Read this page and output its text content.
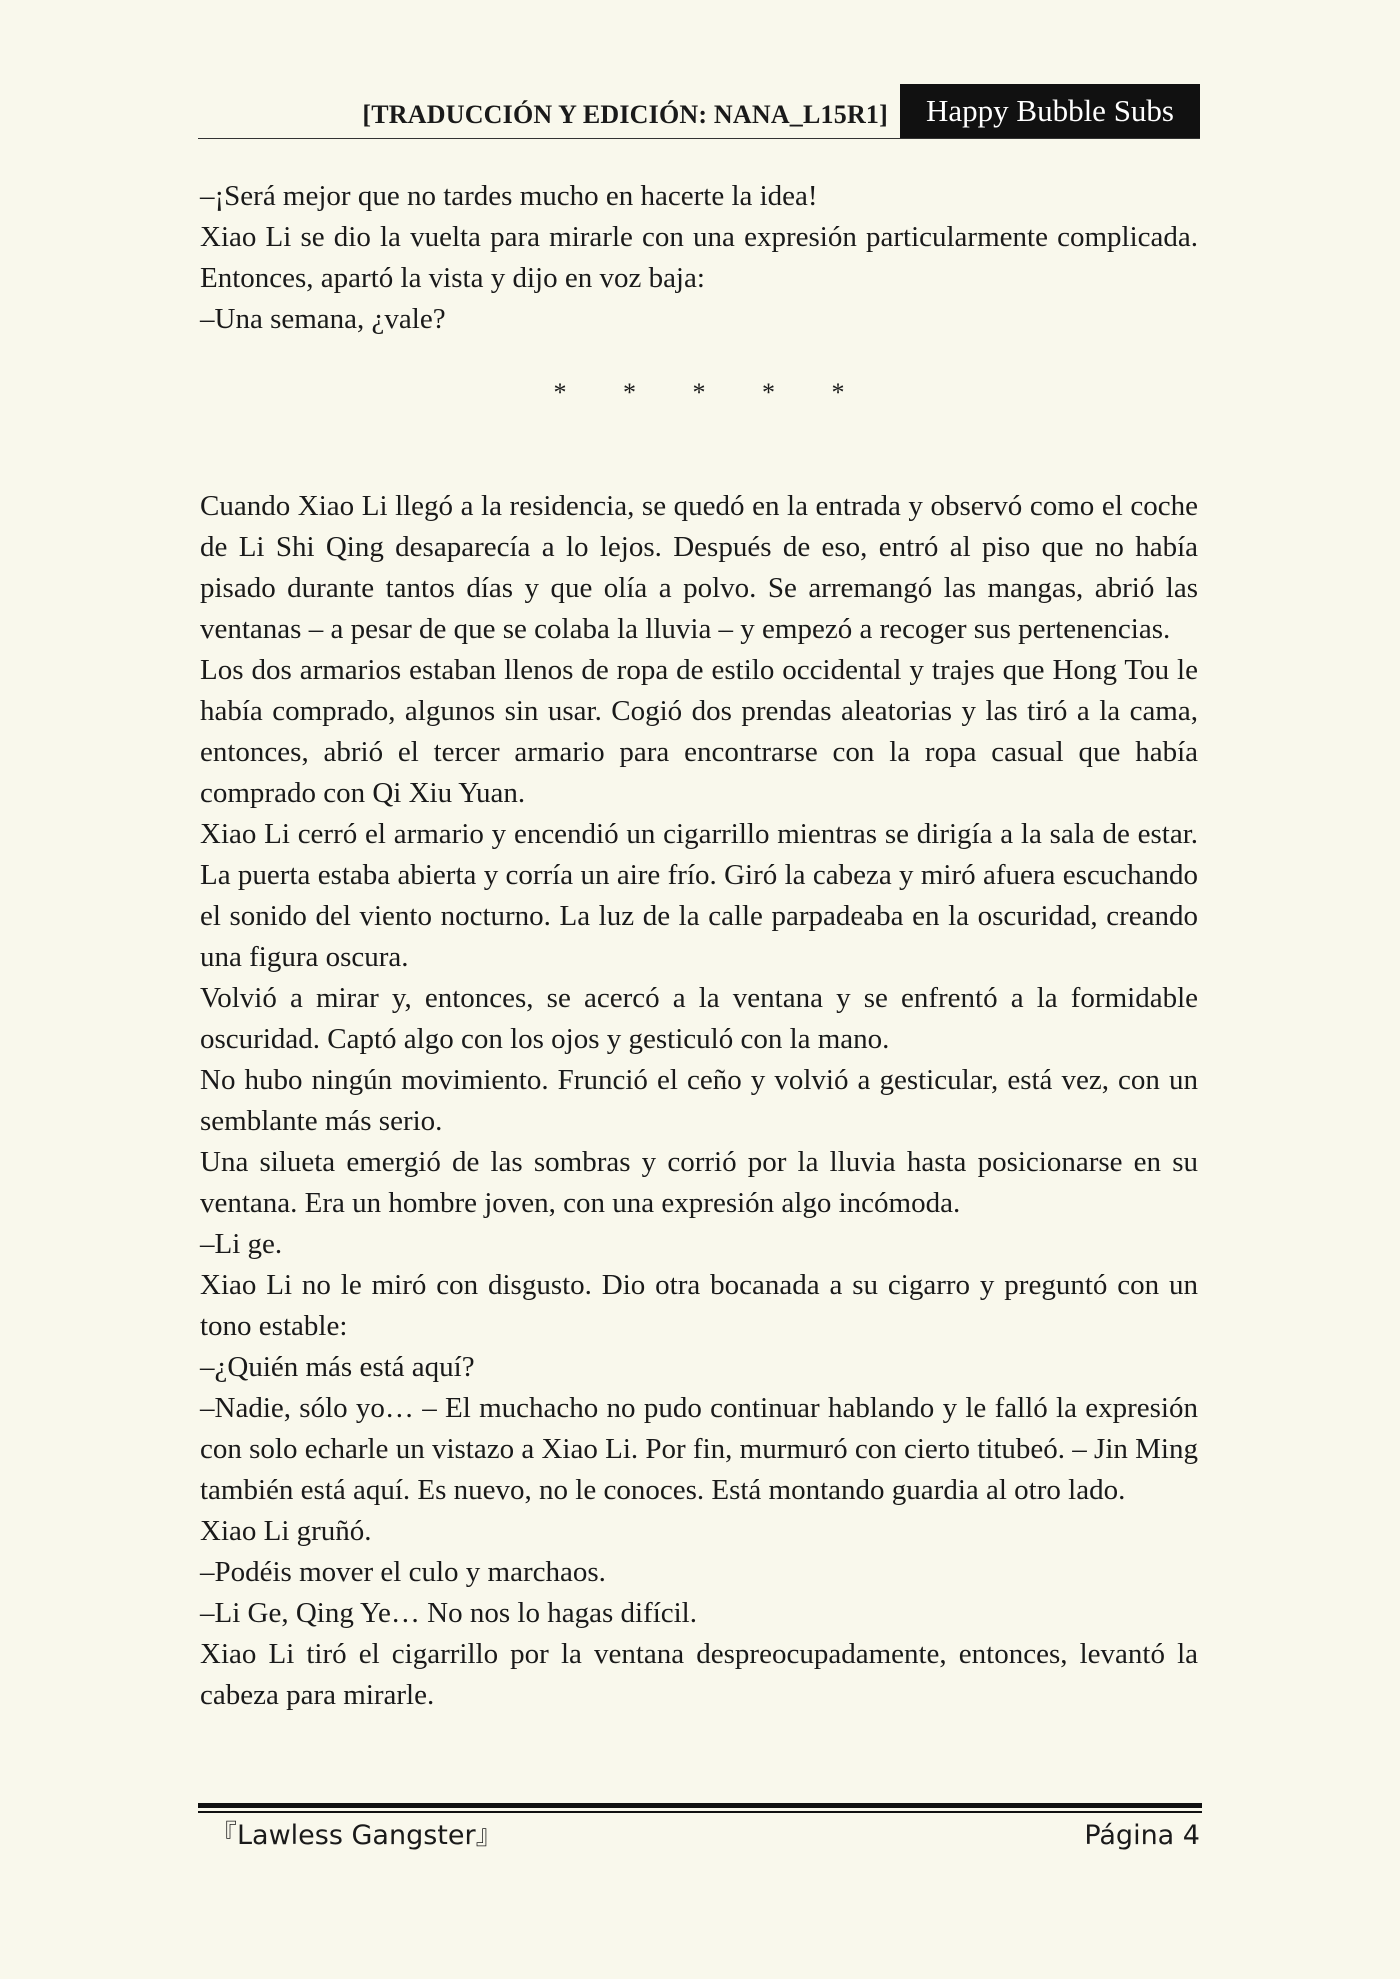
[TRADUCCIÓN Y EDICIÓN: NANA_L15R1]	Happy Bubble Subs

–¡Será mejor que no tardes mucho en hacerte la idea!

Xiao Li se dio la vuelta para mirarle con una expresión particularmente complicada. Entonces, apartó la vista y dijo en voz baja:

–Una semana, ¿vale?

* * * * *

Cuando Xiao Li llegó a la residencia, se quedó en la entrada y observó como el coche de Li Shi Qing desaparecía a lo lejos. Después de eso, entró al piso que no había pisado durante tantos días y que olía a polvo. Se arremangó las mangas, abrió las ventanas – a pesar de que se colaba la lluvia – y empezó a recoger sus pertenencias.

Los dos armarios estaban llenos de ropa de estilo occidental y trajes que Hong Tou le había comprado, algunos sin usar. Cogió dos prendas aleatorias y las tiró a la cama, entonces, abrió el tercer armario para encontrarse con la ropa casual que había comprado con Qi Xiu Yuan.

Xiao Li cerró el armario y encendió un cigarrillo mientras se dirigía a la sala de estar. La puerta estaba abierta y corría un aire frío. Giró la cabeza y miró afuera escuchando el sonido del viento nocturno. La luz de la calle parpadeaba en la oscuridad, creando una figura oscura.

Volvió a mirar y, entonces, se acercó a la ventana y se enfrentó a la formidable oscuridad. Captó algo con los ojos y gesticuló con la mano.

No hubo ningún movimiento. Frunció el ceño y volvió a gesticular, está vez, con un semblante más serio.

Una silueta emergió de las sombras y corrió por la lluvia hasta posicionarse en su ventana. Era un hombre joven, con una expresión algo incómoda.

–Li ge.

Xiao Li no le miró con disgusto. Dio otra bocanada a su cigarro y preguntó con un tono estable:

–¿Quién más está aquí?

–Nadie, sólo yo… – El muchacho no pudo continuar hablando y le falló la expresión con solo echarle un vistazo a Xiao Li. Por fin, murmuró con cierto titubeó. – Jin Ming también está aquí. Es nuevo, no le conoces. Está montando guardia al otro lado.

Xiao Li gruñó.

–Podéis mover el culo y marchaos.

–Li Ge, Qing Ye… No nos lo hagas difícil.

Xiao Li tiró el cigarrillo por la ventana despreocupadamente, entonces, levantó la cabeza para mirarle.

『Lawless Gangster』	Página 4
